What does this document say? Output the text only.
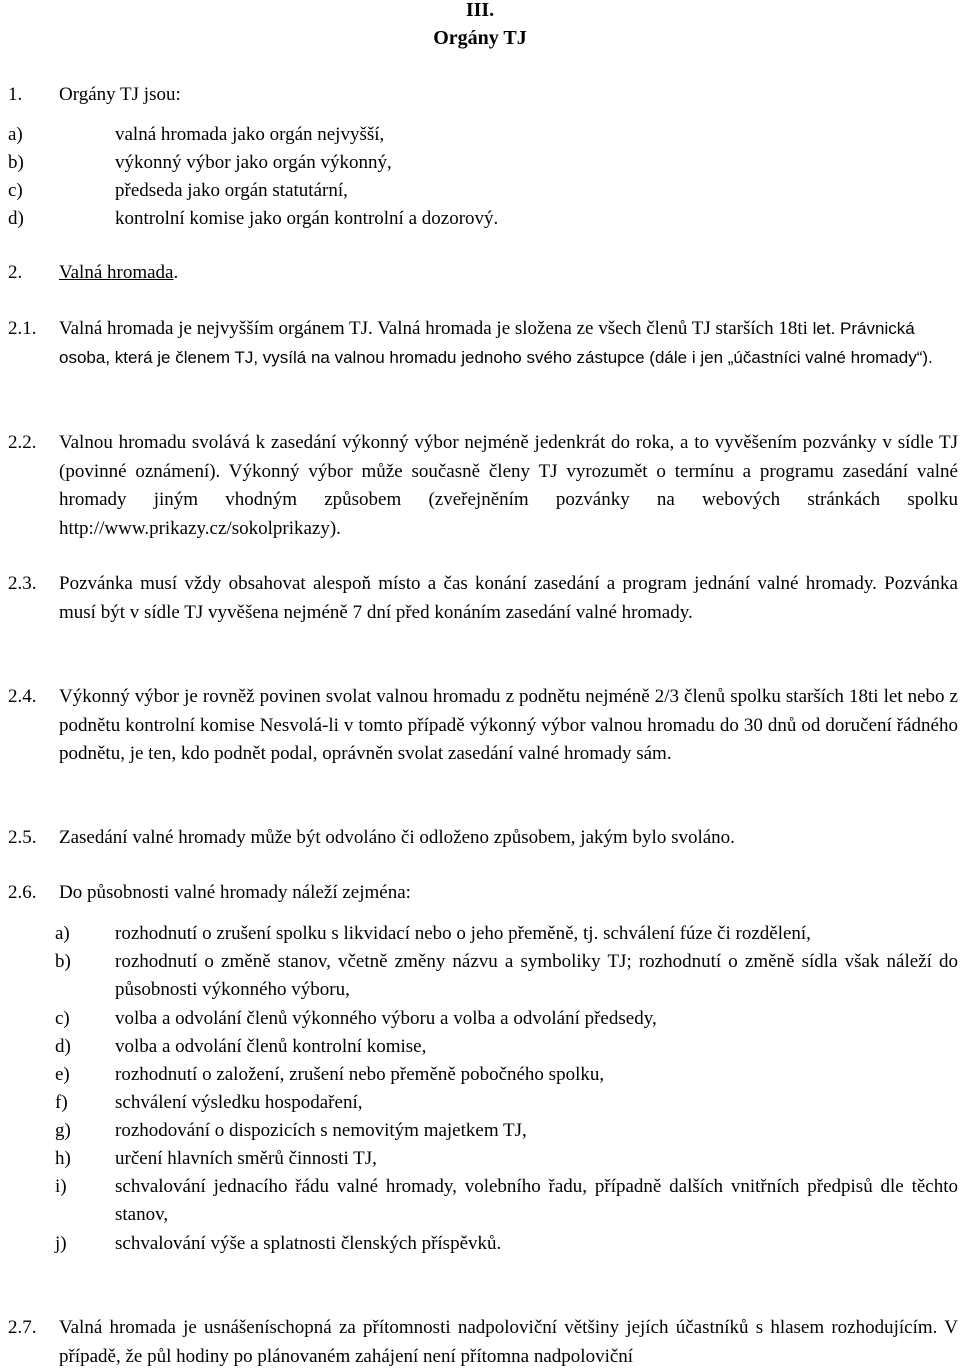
III.
Orgány TJ
1.	Orgány TJ jsou:
a)	valná hromada jako orgán nejvyšší,
b)	výkonný výbor jako orgán výkonný,
c)	předseda jako orgán statutární,
d)	kontrolní komise jako orgán kontrolní a dozorový.
2.	Valná hromada.
2.1.	Valná hromada je nejvyšším orgánem TJ. Valná hromada je složena ze všech členů TJ starších 18ti let. Právnická osoba, která je členem TJ, vysílá na valnou hromadu jednoho svého zástupce (dále i jen „účastníci valné hromady“).
2.2.	Valnou hromadu svolává k zasedání výkonný výbor nejméně jedenkrát do roka, a to vyvěšením pozvánky v sídle TJ (povinné oznámení). Výkonný výbor může současně členy TJ vyrozumět o termínu a programu zasedání valné hromady jiným vhodným způsobem (zveřejněním pozvánky na webových stránkách spolku http://www.prikazy.cz/sokolprikazy).
2.3.	Pozvánka musí vždy obsahovat alespoň místo a čas konání zasedání a program jednání valné hromady. Pozvánka musí být v sídle TJ vyvěšena nejméně 7 dní před konáním zasedání valné hromady.
2.4.	Výkonný výbor je rovněž povinen svolat valnou hromadu z podnětu nejméně 2/3 členů spolku starších 18ti let nebo z podnětu kontrolní komise Nesvolá-li v tomto případě výkonný výbor valnou hromadu do 30 dnů od doručení řádného podnětu, je ten, kdo podnět podal, oprávněn svolat zasedání valné hromady sám.
2.5.	Zasedání valné hromady může být odvoláno či odloženo způsobem, jakým bylo svoláno.
2.6.	Do působnosti valné hromady náleží zejména:
a)	rozhodnutí o zrušení spolku s likvidací nebo o jeho přeměně, tj. schválení fúze či rozdělení,
b)	rozhodnutí o změně stanov, včetně změny názvu a symboliky TJ; rozhodnutí o změně sídla však náleží do působnosti výkonného výboru,
c)	volba a odvolání členů výkonného výboru a volba a odvolání předsedy,
d)	volba a odvolání členů kontrolní komise,
e)	rozhodnutí o založení, zrušení nebo přeměně pobočného spolku,
f)	schválení výsledku hospodaření,
g)	rozhodování o dispozicích s nemovitým majetkem TJ,
h)	určení hlavních směrů činnosti TJ,
i)	schvalování jednacího řádu valné hromady, volebního řadu, případně dalších vnitřních předpisů dle těchto stanov,
j)	schvalování výše a splatnosti členských příspěvků.
2.7.	Valná hromada je usnášeníschopná za přítomnosti nadpoloviční většiny jejích účastníků s hlasem rozhodujícím. V případě, že půl hodiny po plánovaném zahájení není přítomna nadpoloviční
